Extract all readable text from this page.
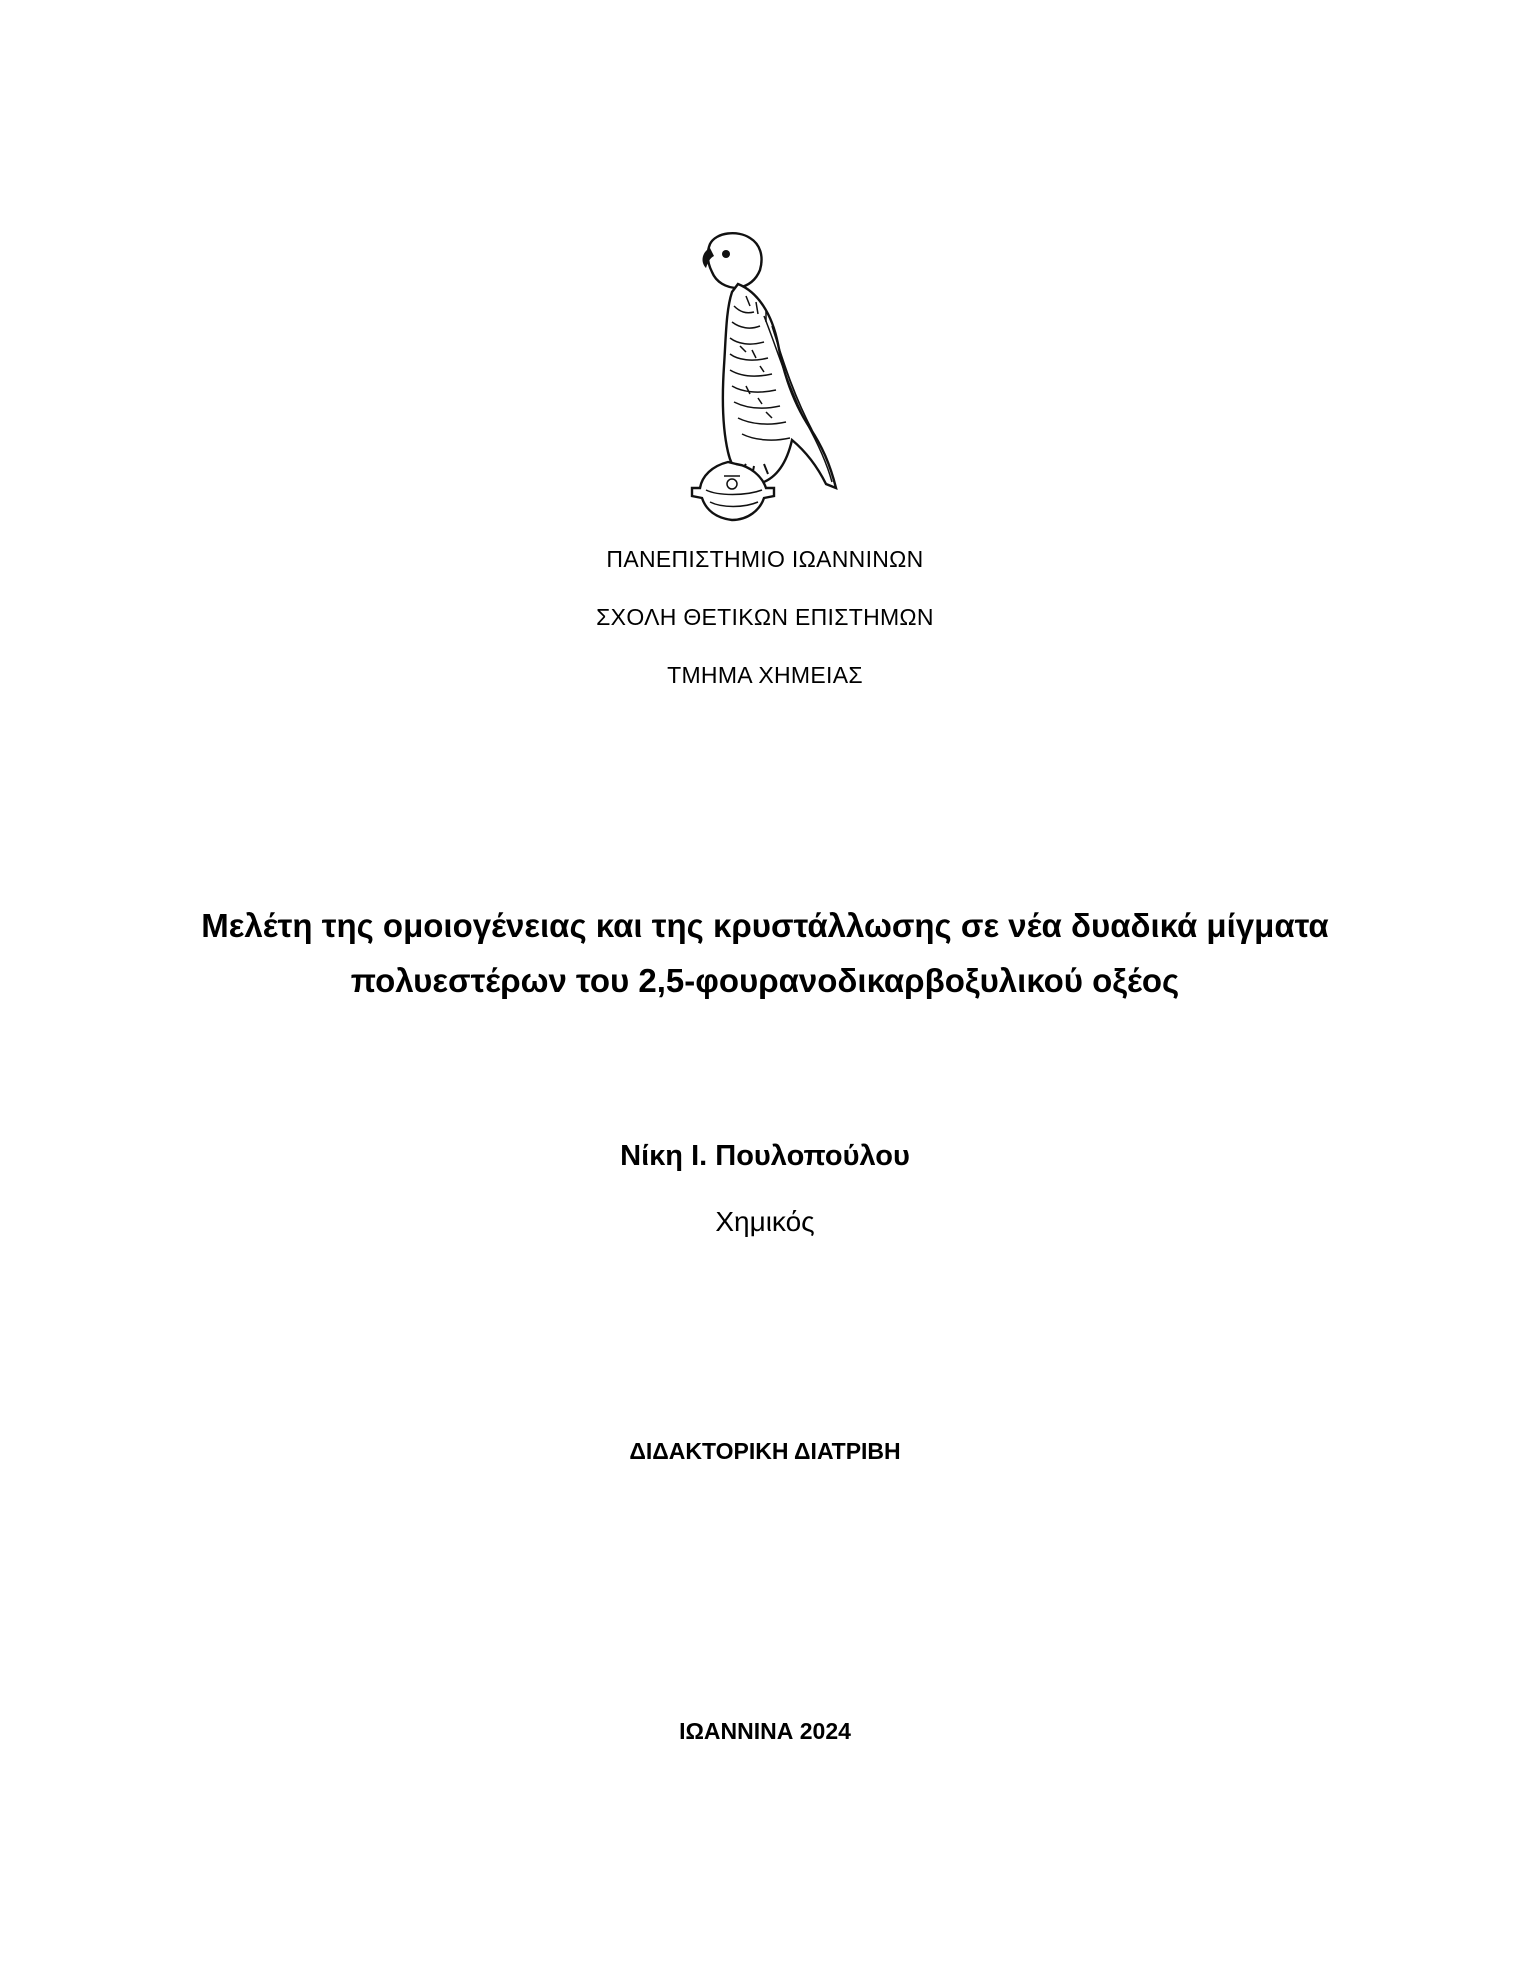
ΠΑΝΕΠΙΣΤΗΜΙΟ ΙΩΑΝΝΙΝΩΝ
ΣΧΟΛΗ ΘΕΤΙΚΩΝ ΕΠΙΣΤΗΜΩΝ
ΤΜΗΜΑ ΧΗΜΕΙΑΣ
Μελέτη της ομοιογένειας και της κρυστάλλωσης σε νέα δυαδικά μίγματα
πολυεστέρων του 2,5-φουρανοδικαρβοξυλικού οξέος
Νίκη Ι. Πουλοπούλου
Χημικός
ΔΙΔΑΚΤΟΡΙΚΗ ΔΙΑΤΡΙΒΗ
ΙΩΑΝΝΙΝΑ 2024
